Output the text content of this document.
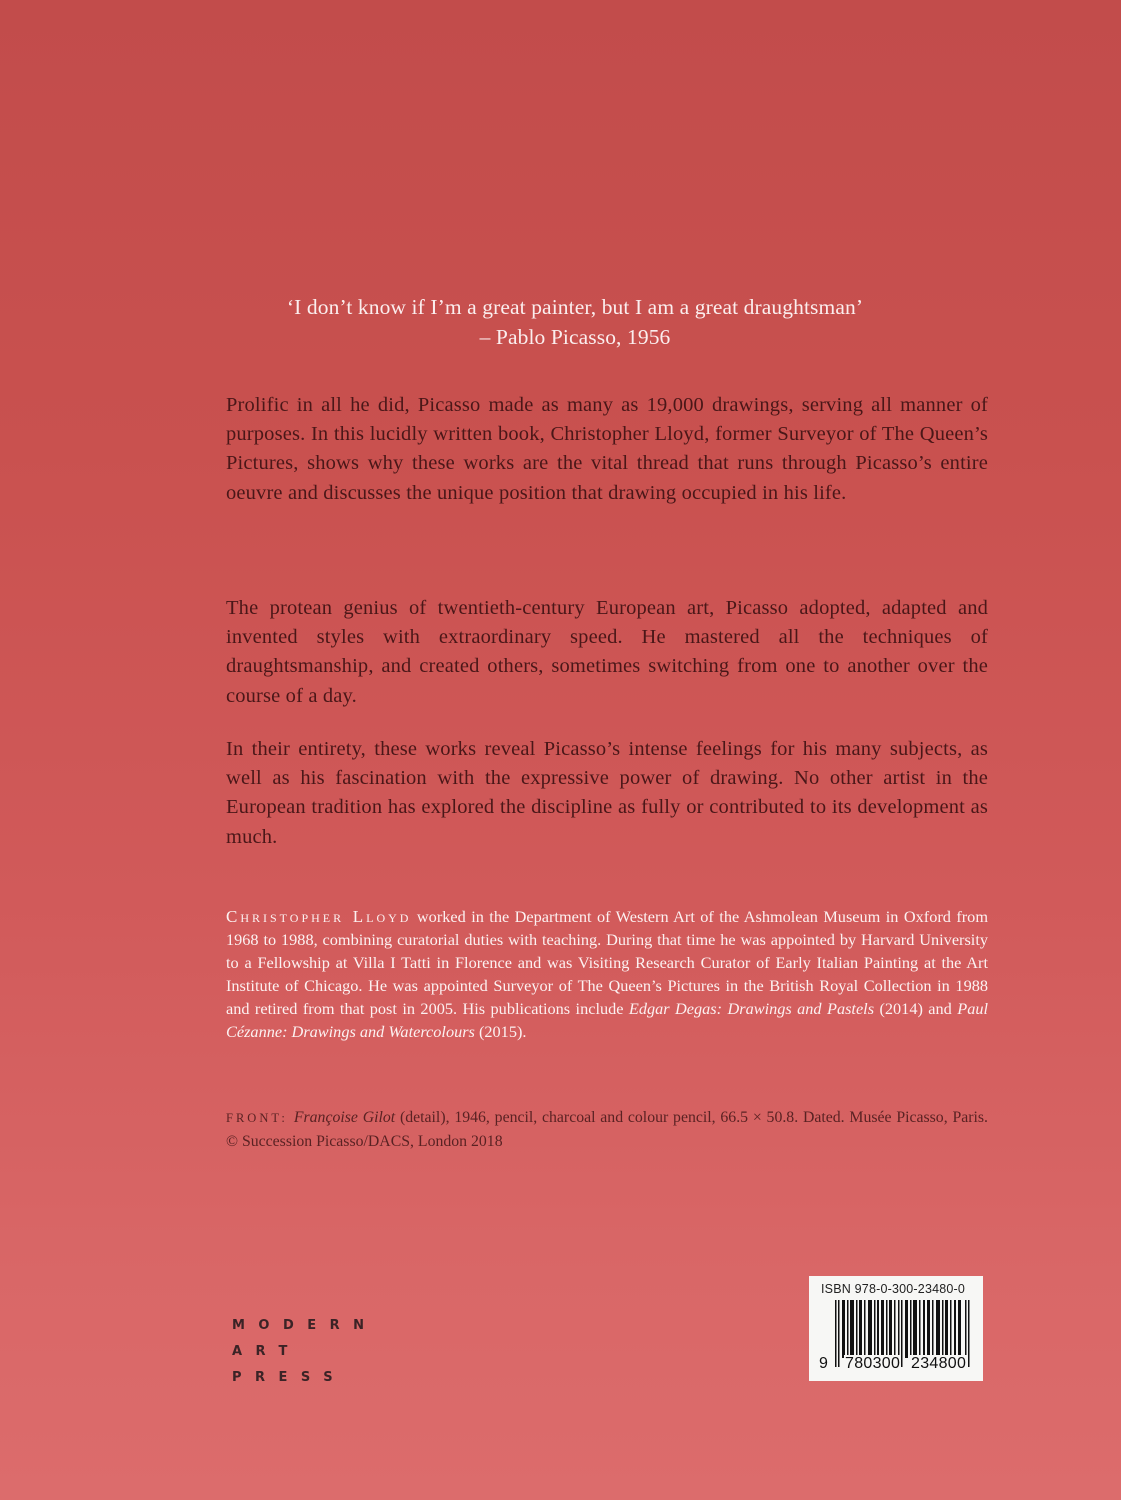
‘I don’t know if I’m a great painter, but I am a great draughtsman’
– Pablo Picasso, 1956

Prolific in all he did, Picasso made as many as 19,000 drawings, serving all manner of purposes. In this lucidly written book, Christopher Lloyd, former Surveyor of The Queen’s Pictures, shows why these works are the vital thread that runs through Picasso’s entire oeuvre and discusses the unique position that drawing occupied in his life.

The protean genius of twentieth-century European art, Picasso adopted, adapted and invented styles with extraordinary speed. He mastered all the techniques of draughtsmanship, and created others, sometimes switching from one to another over the course of a day.

In their entirety, these works reveal Picasso’s intense feelings for his many subjects, as well as his fascination with the expressive power of drawing. No other artist in the European tradition has explored the discipline as fully or contributed to its development as much.

Christopher Lloyd worked in the Department of Western Art of the Ashmolean Museum in Oxford from 1968 to 1988, combining curatorial duties with teaching. During that time he was appointed by Harvard University to a Fellowship at Villa I Tatti in Florence and was Visiting Research Curator of Early Italian Painting at the Art Institute of Chicago. He was appointed Surveyor of The Queen’s Pictures in the British Royal Collection in 1988 and retired from that post in 2005. His publications include Edgar Degas: Drawings and Pastels (2014) and Paul Cézanne: Drawings and Watercolours (2015).
FRONT: Françoise Gilot (detail), 1946, pencil, charcoal and colour pencil, 66.5 × 50.8. Dated. Musée Picasso, Paris. © Succession Picasso/DACS, London 2018
MODERN
ART
PRESS
ISBN 978-0-300-23480-0
9 780300 234800
